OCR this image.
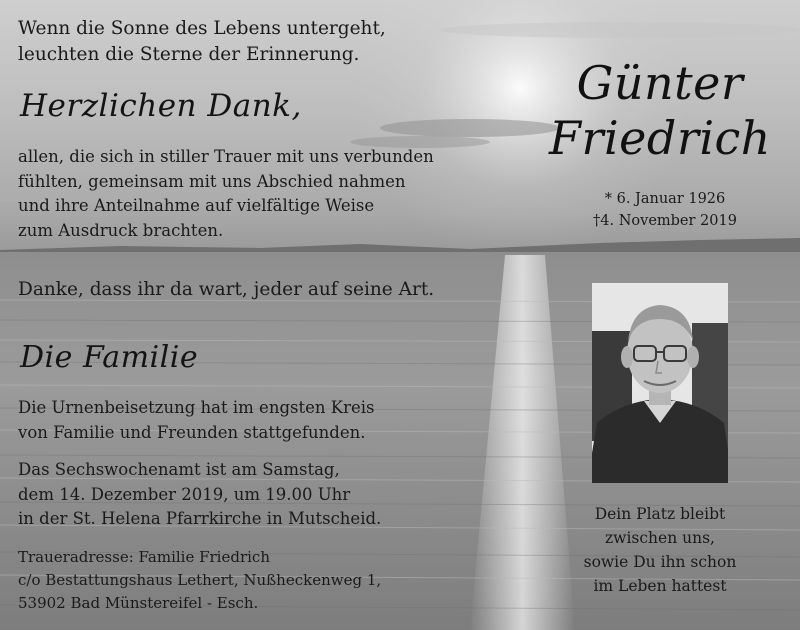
Wenn die Sonne des Lebens untergeht,
leuchten die Sterne der Erinnerung.

Herzlichen Dank,

allen, die sich in stiller Trauer mit uns verbunden
fühlten, gemeinsam mit uns Abschied nahmen
und ihre Anteilnahme auf vielfältige Weise
zum Ausdruck brachten.

Danke, dass ihr da wart, jeder auf seine Art.

Die Familie

Die Urnenbeisetzung hat im engsten Kreis
von Familie und Freunden stattgefunden.

Das Sechswochenamt ist am Samstag,
dem 14. Dezember 2019, um 19.00 Uhr
in der St. Helena Pfarrkirche in Mutscheid.

Traueradresse: Familie Friedrich
c/o Bestattungshaus Lethert, Nußheckenweg 1,
53902 Bad Münstereifel - Esch.

Günter
Friedrich

* 6. Januar 1926
†4. November 2019

Dein Platz bleibt
zwischen uns,
sowie Du ihn schon
im Leben hattest
